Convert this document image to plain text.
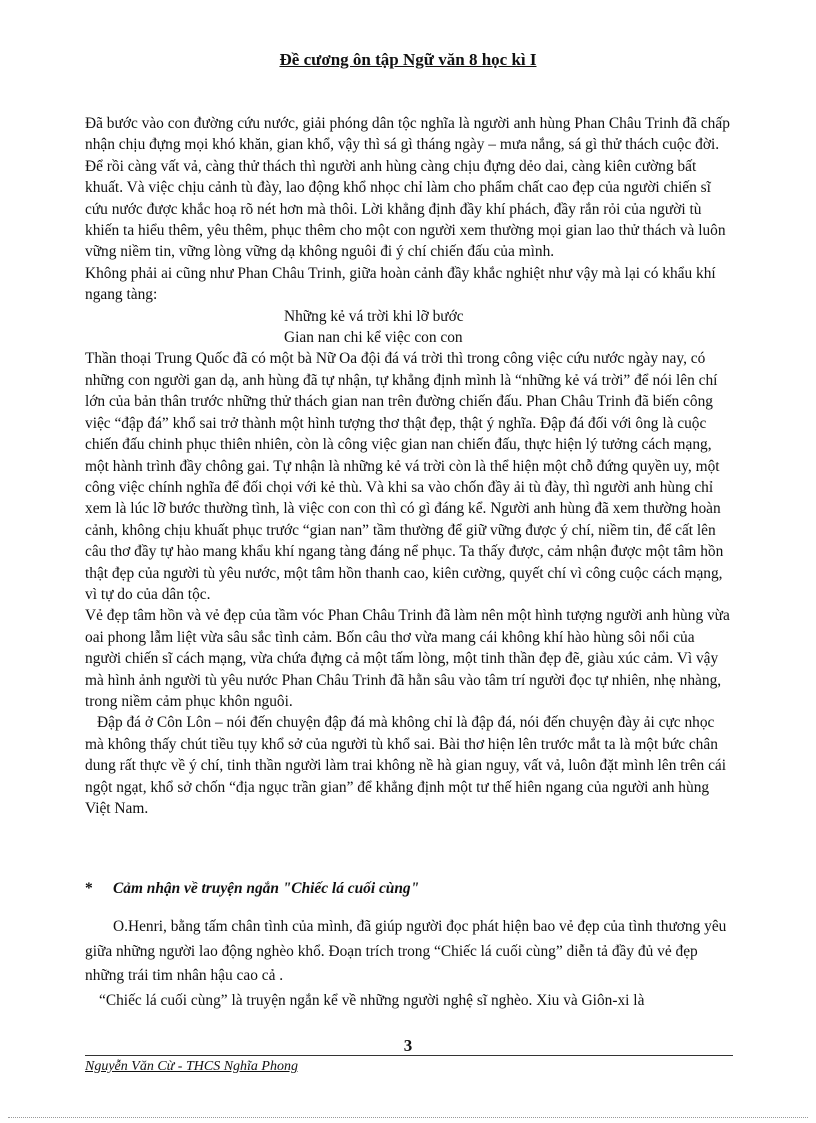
Đề cương ôn tập Ngữ văn 8 học kì I

Đã bước vào con đường cứu nước, giải phóng dân tộc nghĩa là người anh hùng Phan Châu Trinh đã chấp nhận chịu đựng mọi khó khăn, gian khổ, vậy thì sá gì tháng ngày – mưa nắng, sá gì thử thách cuộc đời. Để rồi càng vất vả, càng thử thách thì người anh hùng càng chịu đựng dẻo dai, càng kiên cường bất khuất. Và việc chịu cảnh tù đày, lao động khổ nhọc chỉ làm cho phẩm chất cao đẹp của người chiến sĩ cứu nước được khắc hoạ rõ nét hơn mà thôi. Lời khẳng định đầy khí phách, đầy rắn rỏi của người tù khiến ta hiểu thêm, yêu thêm, phục thêm cho một con người xem thường mọi gian lao thử thách và luôn vững niềm tin, vững lòng vững dạ không nguôi đi ý chí chiến đấu của mình.

Không phải ai cũng như Phan Châu Trinh, giữa hoàn cảnh đầy khắc nghiệt như vậy mà lại có khẩu khí ngang tàng:

Những kẻ vá trời khi lỡ bước

Gian nan chi kể việc con con

Thần thoại Trung Quốc đã có một bà Nữ Oa đội đá vá trời thì trong công việc cứu nước ngày nay, có những con người gan dạ, anh hùng đã tự nhận, tự khẳng định mình là “những kẻ vá trời” để nói lên chí lớn của bản thân trước những thử thách gian nan trên đường chiến đấu. Phan Châu Trinh đã biến công việc “đập đá” khổ sai trở thành một hình tượng thơ thật đẹp, thật ý nghĩa. Đập đá đối với ông là cuộc chiến đấu chinh phục thiên nhiên, còn là công việc gian nan chiến đấu, thực hiện lý tưởng cách mạng, một hành trình đầy chông gai. Tự nhận là những kẻ vá trời còn là thể hiện một chỗ đứng quyền uy, một công việc chính nghĩa để đối chọi với kẻ thù. Và khi sa vào chốn đầy ải tù đày, thì người anh hùng chỉ xem là lúc lỡ bước thường tình, là việc con con thì có gì đáng kể. Người anh hùng đã xem thường hoàn cảnh, không chịu khuất phục trước “gian nan” tầm thường để giữ vững được ý chí, niềm tin, để cất lên câu thơ đầy tự hào mang khẩu khí ngang tàng đáng nể phục. Ta thấy được, cảm nhận được một tâm hồn thật đẹp của người tù yêu nước, một tâm hồn thanh cao, kiên cường, quyết chí vì công cuộc cách mạng, vì tự do của dân tộc.

Vẻ đẹp tâm hồn và vẻ đẹp của tầm vóc Phan Châu Trinh đã làm nên một hình tượng người anh hùng vừa oai phong lẫm liệt vừa sâu sắc tình cảm. Bốn câu thơ vừa mang cái không khí hào hùng sôi nổi của người chiến sĩ cách mạng, vừa chứa đựng cả một tấm lòng, một tinh thần đẹp đẽ, giàu xúc cảm. Vì vậy mà hình ảnh người tù yêu nước Phan Châu Trinh đã hằn sâu vào tâm trí người đọc tự nhiên, nhẹ nhàng, trong niềm cảm phục khôn nguôi.

Đập đá ở Côn Lôn – nói đến chuyện đập đá mà không chỉ là đập đá, nói đến chuyện đày ải cực nhọc mà không thấy chút tiều tụy khổ sở của người tù khổ sai. Bài thơ hiện lên trước mắt ta là một bức chân dung rất thực về ý chí, tinh thần người làm trai không nề hà gian nguy, vất vả, luôn đặt mình lên trên cái ngột ngạt, khổ sở chốn “địa ngục trần gian” để khẳng định một tư thế hiên ngang của người anh hùng Việt Nam.

* Cảm nhận về truyện ngắn "Chiếc lá cuối cùng"

O.Henri, bằng tấm chân tình của mình, đã giúp người đọc phát hiện bao vẻ đẹp của tình thương yêu giữa những người lao động nghèo khổ. Đoạn trích trong “Chiếc lá cuối cùng” diễn tả đầy đủ vẻ đẹp những trái tim nhân hậu cao cả .

“Chiếc lá cuối cùng” là truyện ngắn kể về những người nghệ sĩ nghèo. Xiu và Giôn-xi là

3
Nguyễn Văn Cừ - THCS Nghĩa Phong
